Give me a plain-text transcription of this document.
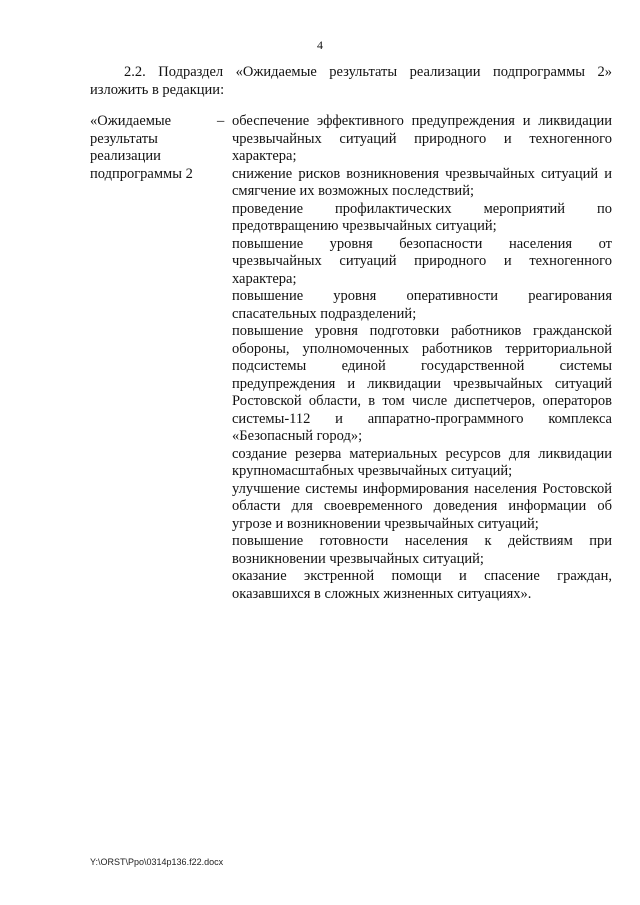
4

2.2. Подраздел «Ожидаемые результаты реализации подпрограммы 2» изложить в редакции:

«Ожидаемые
результаты
реализации
подпрограммы 2
– обеспечение эффективного предупреждения и ликвидации чрезвычайных ситуаций природного и техногенного характера;

снижение рисков возникновения чрезвычайных ситуаций и смягчение их возможных последствий;

проведение профилактических мероприятий по предотвращению чрезвычайных ситуаций;

повышение уровня безопасности населения от чрезвычайных ситуаций природного и техногенного характера;

повышение уровня оперативности реагирования спасательных подразделений;

повышение уровня подготовки работников гражданской обороны, уполномоченных работников территориальной подсистемы единой государственной системы предупреждения и ликвидации чрезвычайных ситуаций Ростовской области, в том числе диспетчеров, операторов системы-112 и аппаратно-программного комплекса «Безопасный город»;

создание резерва материальных ресурсов для ликвидации крупномасштабных чрезвычайных ситуаций;

улучшение системы информирования населения Ростовской области для своевременного доведения информации об угрозе и возникновении чрезвычайных ситуаций;

повышение готовности населения к действиям при возникновении чрезвычайных ситуаций;

оказание экстренной помощи и спасение граждан, оказавшихся в сложных жизненных ситуациях».

Y:\ORST\Ppo\0314p136.f22.docx
